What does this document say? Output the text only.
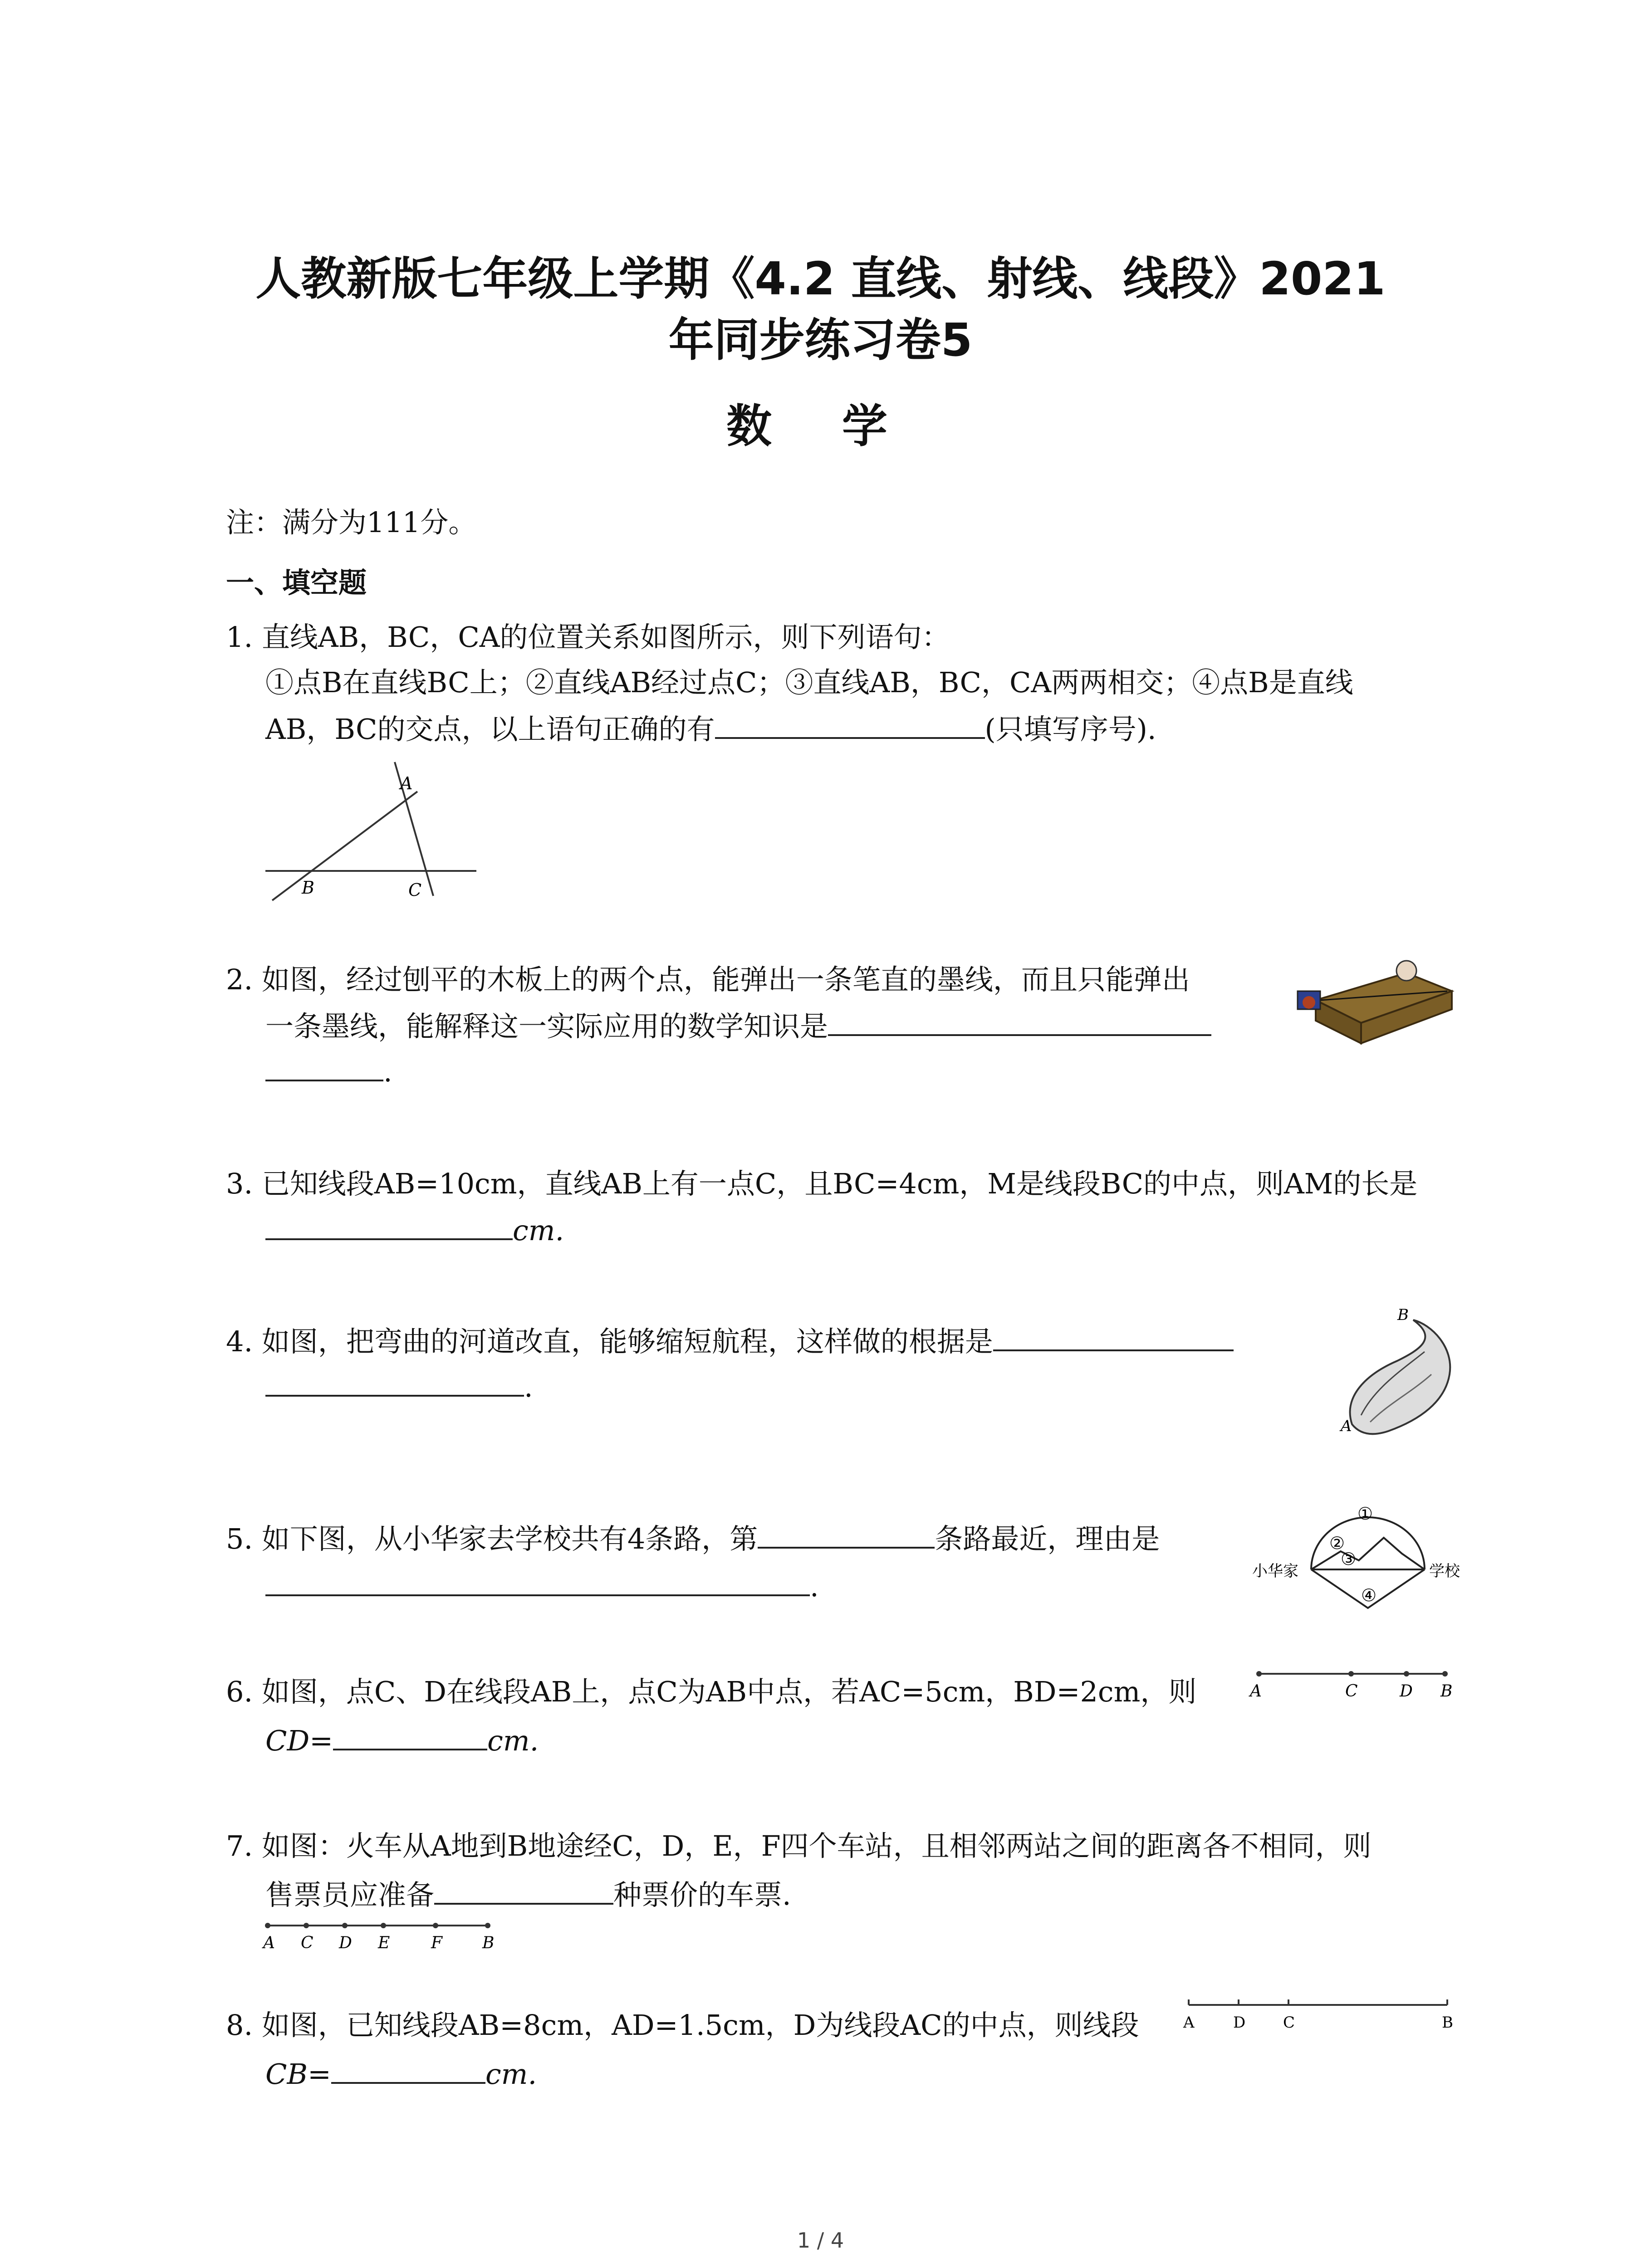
人教新版七年级上学期《4.2 直线、射线、线段》2021
年同步练习卷5
数 学
注：满分为111分。
一、填空题
1. 直线AB，BC，CA的位置关系如图所示，则下列语句：
①点B在直线BC上；②直线AB经过点C；③直线AB，BC，CA两两相交；④点B是直线
AB，BC的交点，以上语句正确的有	(只填写序号).
A
B	C
2. 如图，经过刨平的木板上的两个点，能弹出一条笔直的墨线，而且只能弹出
一条墨线，能解释这一实际应用的数学知识是
.
3. 已知线段AB=10cm，直线AB上有一点C，且BC=4cm，M是线段BC的中点，则AM的长是
cm.
4. 如图，把弯曲的河道改直，能够缩短航程，这样做的根据是
.
B
A
5. 如下图，从小华家去学校共有4条路，第	条路最近，理由是
.	小华家	学校
①
②
③
④
6. 如图，点C、D在线段AB上，点C为AB中点，若AC=5cm，BD=2cm，则
CD=	cm.
A	C	D B
7. 如图：火车从A地到B地途经C，D，E，F四个车站，且相邻两站之间的距离各不相同，则
售票员应准备	种票价的车票.
A C D E	F B
8. 如图，已知线段AB=8cm，AD=1.5cm，D为线段AC的中点，则线段
CB=	cm.
A	D C	B
1 / 4
